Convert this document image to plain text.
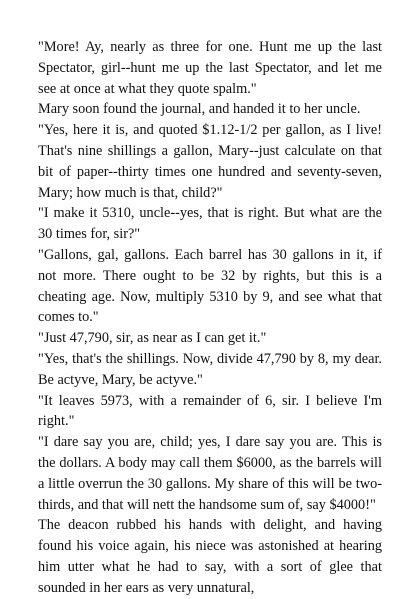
"More! Ay, nearly as three for one. Hunt me up the last Spectator, girl--hunt me up the last Spectator, and let me see at once at what they quote spalm."

Mary soon found the journal, and handed it to her uncle.

"Yes, here it is, and quoted $1.12-1/2 per gallon, as I live! That's nine shillings a gallon, Mary--just calculate on that bit of paper--thirty times one hundred and seventy-seven, Mary; how much is that, child?"

"I make it 5310, uncle--yes, that is right. But what are the 30 times for, sir?"

"Gallons, gal, gallons. Each barrel has 30 gallons in it, if not more. There ought to be 32 by rights, but this is a cheating age. Now, multiply 5310 by 9, and see what that comes to."

"Just 47,790, sir, as near as I can get it."

"Yes, that's the shillings. Now, divide 47,790 by 8, my dear. Be actyve, Mary, be actyve."

"It leaves 5973, with a remainder of 6, sir. I believe I'm right."

"I dare say you are, child; yes, I dare say you are. This is the dollars. A body may call them $6000, as the barrels will a little overrun the 30 gallons. My share of this will be two-thirds, and that will nett the handsome sum of, say $4000!"

The deacon rubbed his hands with delight, and having found his voice again, his niece was astonished at hearing him utter what he had to say, with a sort of glee that sounded in her ears as very unnatural,
